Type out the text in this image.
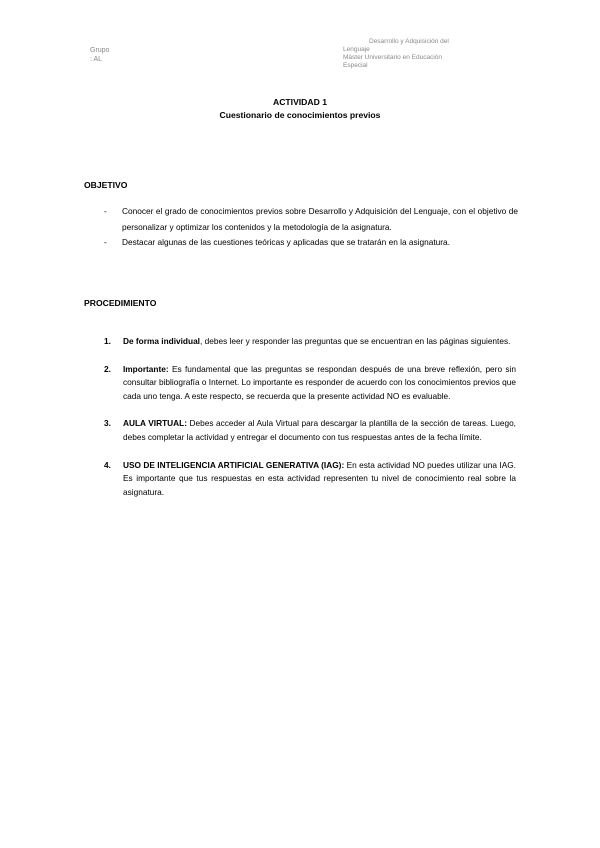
Grupo
: AL
Desarrollo y Adquisición del
Lenguaje
Máster Universitario en Educación
Especial
ACTIVIDAD 1
Cuestionario de conocimientos previos
OBJETIVO
- Conocer el grado de conocimientos previos sobre Desarrollo y Adquisición del Lenguaje, con el objetivo de personalizar y optimizar los contenidos y la metodología de la asignatura.
- Destacar algunas de las cuestiones teóricas y aplicadas que se tratarán en la asignatura.
PROCEDIMIENTO
1. De forma individual, debes leer y responder las preguntas que se encuentran en las páginas siguientes.
2. Importante: Es fundamental que las preguntas se respondan después de una breve reflexión, pero sin consultar bibliografía o Internet. Lo importante es responder de acuerdo con los conocimientos previos que cada uno tenga. A este respecto, se recuerda que la presente actividad NO es evaluable.
3. AULA VIRTUAL: Debes acceder al Aula Virtual para descargar la plantilla de la sección de tareas. Luego, debes completar la actividad y entregar el documento con tus respuestas antes de la fecha límite.
4. USO DE INTELIGENCIA ARTIFICIAL GENERATIVA (IAG): En esta actividad NO puedes utilizar una IAG. Es importante que tus respuestas en esta actividad representen tu nivel de conocimiento real sobre la asignatura.
